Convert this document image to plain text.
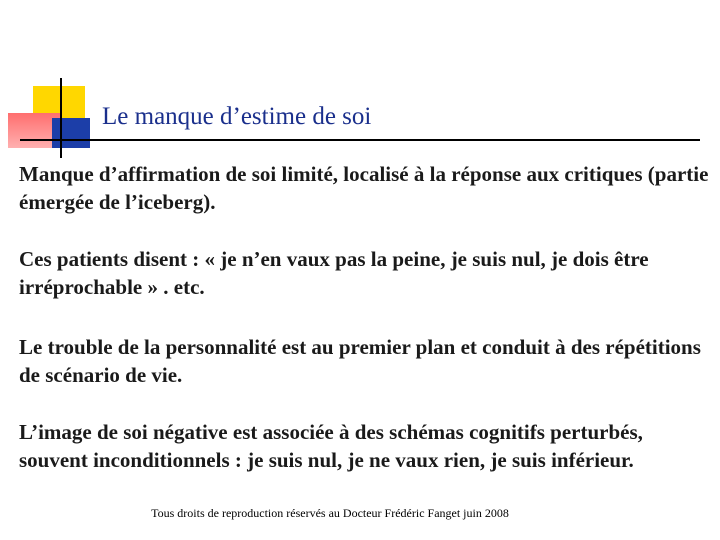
Le manque d’estime de soi
Manque d’affirmation de soi limité, localisé à la réponse aux critiques (partie émergée de l’iceberg).
Ces patients disent : « je n’en vaux pas la peine, je suis nul, je dois être irréprochable » . etc.
Le trouble de la personnalité est au premier plan et conduit à des répétitions de scénario de vie.
L’image de soi négative est associée à des schémas cognitifs perturbés, souvent inconditionnels : je suis nul, je ne vaux rien, je suis inférieur.
Tous droits de reproduction réservés au Docteur Frédéric Fanget juin 2008
